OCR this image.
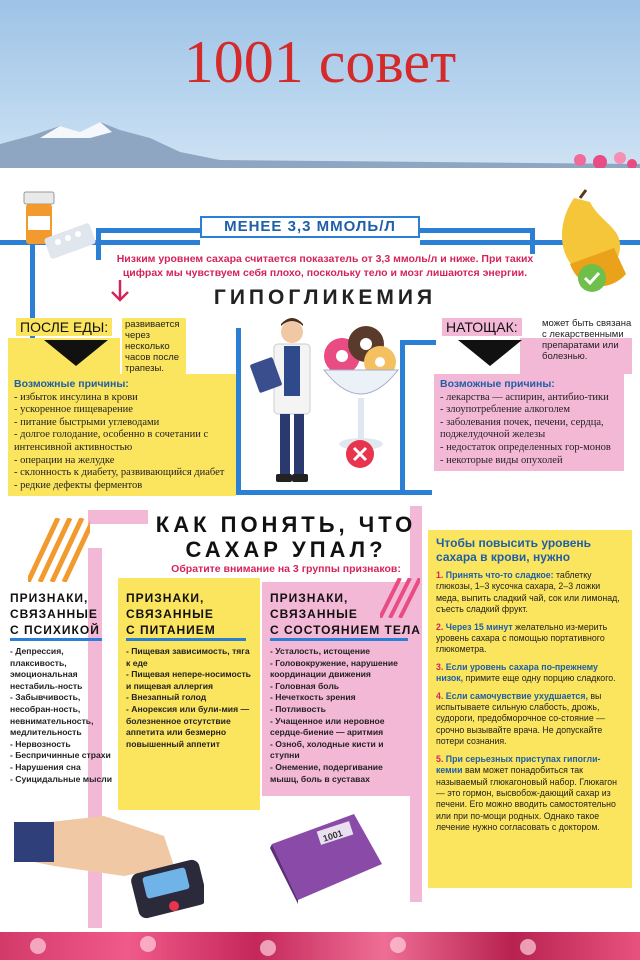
1001 совет
МЕНЕЕ 3,3 ММОЛЬ/Л
Низким уровнем сахара считается показатель от 3,3 ммоль/л и ниже. При таких цифрах мы чувствуем себя плохо, поскольку тело и мозг лишаются энергии.
ГИПОГЛИКЕМИЯ
ПОСЛЕ ЕДЫ:	развивается через несколько часов после трапезы.
НАТОЩАК:	может быть связана с лекарственными препаратами или болезнью.
Возможные причины:
- избыток инсулина в крови
- ускоренное пищеварение
- питание быстрыми углеводами
- долгое голодание, особенно в сочетании с интенсивной активностью
- операции на желудке
- склонность к диабету, развивающийся диабет
- редкие дефекты ферментов
Возможные причины:
- лекарства — аспирин, антибио-тики
- злоупотребление алкоголем
- заболевания почек, печени, сердца, поджелудочной железы
- недостаток определенных гор-монов
- некоторые виды опухолей
КАК ПОНЯТЬ, ЧТО
САХАР УПАЛ?
Обратите внимание на 3 группы признаков:
ПРИЗНАКИ,
СВЯЗАННЫЕ
С ПСИХИКОЙ
- Депрессия, плаксивость, эмоциональная нестабиль-ность
- Забывчивость, несобран-ность, невнимательность, медлительность
- Нервозность
- Беспричинные страхи
- Нарушения сна
- Суицидальные мысли
ПРИЗНАКИ,
СВЯЗАННЫЕ
С ПИТАНИЕМ
- Пищевая зависимость, тяга к еде
- Пищевая непере-носимость и пищевая аллергия
- Внезапный голод
- Анорексия или були-мия — болезненное отсутствие аппетита или безмерно повышенный аппетит
ПРИЗНАКИ,
СВЯЗАННЫЕ
С СОСТОЯНИЕМ ТЕЛА
- Усталость, истощение
- Головокружение, нарушение координации движения
- Головная боль
- Нечеткость зрения
- Потливость
- Учащенное или неровное сердце-биение — аритмия
- Озноб, холодные кисти и ступни
- Онемение, подергивание мышц, боль в суставах
Чтобы повысить уровень сахара в крови, нужно
1. Принять что-то сладкое: таблетку глюкозы, 1–3 кусочка сахара, 2–3 ложки меда, выпить сладкий чай, сок или лимонад, съесть сладкий фрукт.
2. Через 15 минут желательно из-мерить уровень сахара с помощью портативного глюкометра.
3. Если уровень сахара по-прежнему низок, примите еще одну порцию сладкого.
4. Если самочувствие ухудшается, вы испытываете сильную слабость, дрожь, судороги, предобморочное со-стояние — срочно вызывайте врача. Не допускайте потери сознания.
5. При серьезных приступах гипогли-кемии вам может понадобиться так называемый глюкагоновый набор. Глюкагон — это гормон, высвобож-дающий сахар из печени. Его можно вводить самостоятельно или при по-мощи родных. Однако такое лечение нужно согласовать с доктором.
1001
